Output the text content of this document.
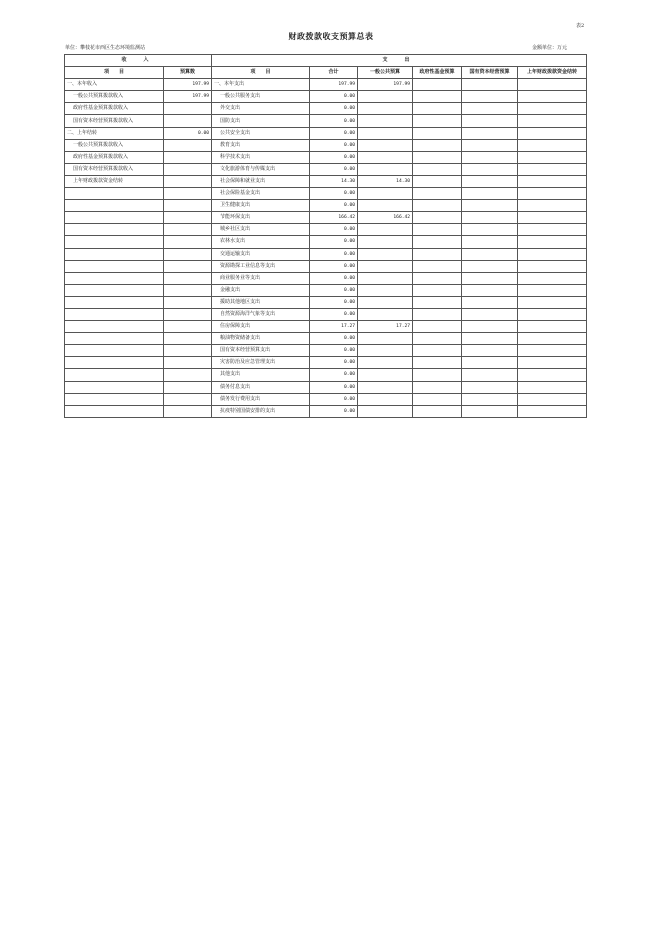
表2
财政拨款收支预算总表
单位：攀枝花市西区生态环境监测站	金额单位：万元
收　入		支　出					
项　　目	预算数	项　　目	合计	一般公共预算	政府性基金预算	国有资本经营预算	上年财政拨款资金结转
一、本年收入	197.99	一、本年支出	197.99	197.99			
一般公共预算拨款收入	197.99	一般公共服务支出	0.00				
政府性基金预算拨款收入		外交支出	0.00				
国有资本经营预算拨款收入		国防支出	0.00				
二、上年结转	0.00	公共安全支出	0.00				
一般公共预算拨款收入		教育支出	0.00				
政府性基金预算拨款收入		科学技术支出	0.00				
国有资本经营预算拨款收入		文化旅游体育与传媒支出	0.00				
上年财政拨款资金结转		社会保障和就业支出	14.30	14.30			
		社会保险基金支出	0.00				
		卫生健康支出	0.00				
		节能环保支出	166.42	166.42			
		城乡社区支出	0.00				
		农林水支出	0.00				
		交通运输支出	0.00				
		资源勘探工业信息等支出	0.00				
		商业服务业等支出	0.00				
		金融支出	0.00				
		援助其他地区支出	0.00				
		自然资源海洋气象等支出	0.00				
		住房保障支出	17.27	17.27			
		粮油物资储备支出	0.00				
		国有资本经营预算支出	0.00				
		灾害防治及应急管理支出	0.00				
		其他支出	0.00				
		债务付息支出	0.00				
		债务发行费用支出	0.00				
		抗疫特别国债安排的支出	0.00				
